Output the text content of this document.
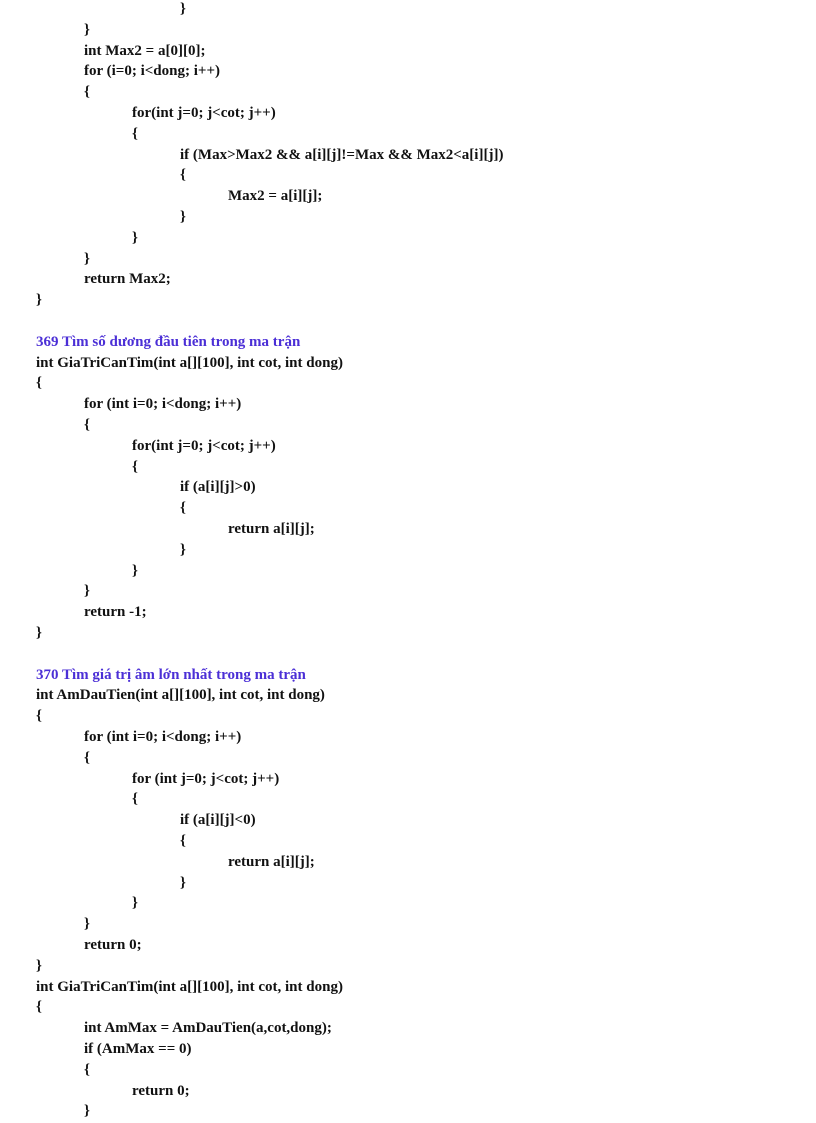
}
}
int Max2 = a[0][0];
for (i=0; i<dong; i++)
{
for(int j=0; j<cot; j++)
{
if (Max>Max2 && a[i][j]!=Max && Max2<a[i][j])
{
Max2 = a[i][j];
}
}
}
return Max2;
}
369 Tìm số dương đầu tiên trong ma trận
int GiaTriCanTim(int a[][100], int cot, int dong)
{
for (int i=0; i<dong; i++)
{
for(int j=0; j<cot; j++)
{
if (a[i][j]>0)
{
return a[i][j];
}
}
}
return -1;
}
370 Tìm giá trị âm lớn nhất trong ma trận
int AmDauTien(int a[][100], int cot, int dong)
{
for (int i=0; i<dong; i++)
{
for (int j=0; j<cot; j++)
{
if (a[i][j]<0)
{
return a[i][j];
}
}
}
return 0;
}
int GiaTriCanTim(int a[][100], int cot, int dong)
{
int AmMax = AmDauTien(a,cot,dong);
if (AmMax == 0)
{
return 0;
}
